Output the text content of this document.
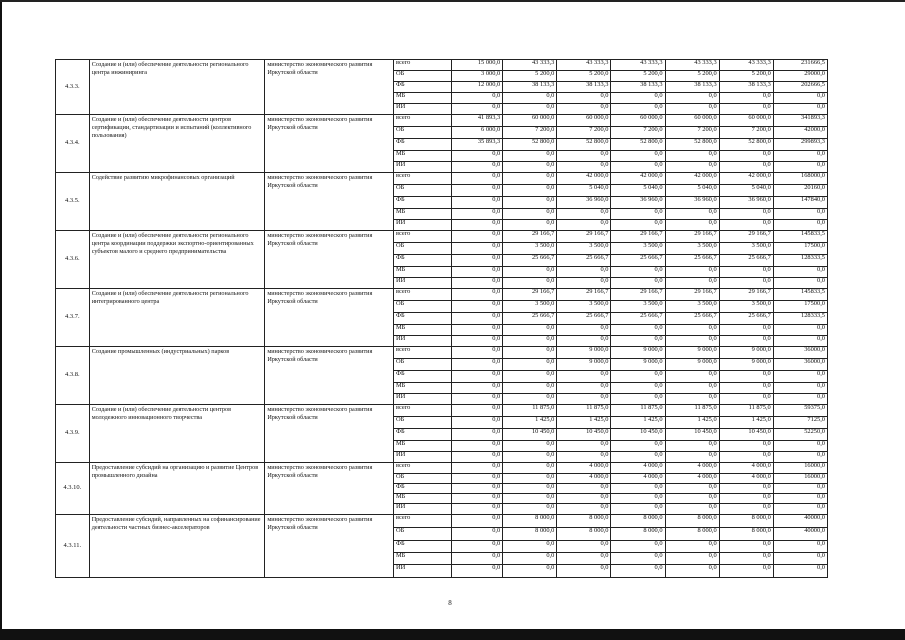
4.3.3.	Создание и (или) обеспечение деятельности регионального центра инжиниринга	министерство экономического развития Иркутской области	всего	15 000,0	43 333,3	43 333,3	43 333,3	43 333,3	43 333,3	231666,5
			ОБ	3 000,0	5 200,0	5 200,0	5 200,0	5 200,0	5 200,0	29000,0
			ФБ	12 000,0	38 133,3	38 133,3	38 133,3	38 133,3	38 133,3	202666,5
			МБ	0,0	0,0	0,0	0,0	0,0	0,0	0,0
			ИИ	0,0	0,0	0,0	0,0	0,0	0,0	0,0
4.3.4.	Создание и (или) обеспечение деятельности центров сертификации, стандартизации и испытаний (коллективного пользования)	министерство экономического развития Иркутской области	всего	41 893,3	60 000,0	60 000,0	60 000,0	60 000,0	60 000,0	341893,3
			ОБ	6 000,0	7 200,0	7 200,0	7 200,0	7 200,0	7 200,0	42000,0
			ФБ	35 893,3	52 800,0	52 800,0	52 800,0	52 800,0	52 800,0	299893,3
			МБ	0,0	0,0	0,0	0,0	0,0	0,0	0,0
			ИИ	0,0	0,0	0,0	0,0	0,0	0,0	0,0
4.3.5.	Содействие развитию микрофинансовых организаций	министерство экономического развития Иркутской области	всего	0,0	0,0	42 000,0	42 000,0	42 000,0	42 000,0	168000,0
			ОБ	0,0	0,0	5 040,0	5 040,0	5 040,0	5 040,0	20160,0
			ФБ	0,0	0,0	36 960,0	36 960,0	36 960,0	36 960,0	147840,0
			МБ	0,0	0,0	0,0	0,0	0,0	0,0	0,0
			ИИ	0,0	0,0	0,0	0,0	0,0	0,0	0,0
4.3.6.	Создание и (или) обеспечение деятельности регионального центра координации поддержки экспортно-ориентированных субъектов малого и среднего предпринимательства	министерство экономического развития Иркутской области	всего	0,0	29 166,7	29 166,7	29 166,7	29 166,7	29 166,7	145833,5
			ОБ	0,0	3 500,0	3 500,0	3 500,0	3 500,0	3 500,0	17500,0
			ФБ	0,0	25 666,7	25 666,7	25 666,7	25 666,7	25 666,7	128333,5
			МБ	0,0	0,0	0,0	0,0	0,0	0,0	0,0
			ИИ	0,0	0,0	0,0	0,0	0,0	0,0	0,0
4.3.7.	Создание и (или) обеспечение деятельности регионального интегрированного центра	министерство экономического развития Иркутской области	всего	0,0	29 166,7	29 166,7	29 166,7	29 166,7	29 166,7	145833,5
			ОБ	0,0	3 500,0	3 500,0	3 500,0	3 500,0	3 500,0	17500,0
			ФБ	0,0	25 666,7	25 666,7	25 666,7	25 666,7	25 666,7	128333,5
			МБ	0,0	0,0	0,0	0,0	0,0	0,0	0,0
			ИИ	0,0	0,0	0,0	0,0	0,0	0,0	0,0
4.3.8.	Создание промышленных (индустриальных) парков	министерство экономического развития Иркутской области	всего	0,0	0,0	9 000,0	9 000,0	9 000,0	9 000,0	36000,0
			ОБ	0,0	0,0	9 000,0	9 000,0	9 000,0	9 000,0	36000,0
			ФБ	0,0	0,0	0,0	0,0	0,0	0,0	0,0
			МБ	0,0	0,0	0,0	0,0	0,0	0,0	0,0
			ИИ	0,0	0,0	0,0	0,0	0,0	0,0	0,0
4.3.9.	Создание и (или) обеспечение деятельности центров молодежного инновационного творчества	министерство экономического развития Иркутской области	всего	0,0	11 875,0	11 875,0	11 875,0	11 875,0	11 875,0	59375,0
			ОБ	0,0	1 425,0	1 425,0	1 425,0	1 425,0	1 425,0	7125,0
			ФБ	0,0	10 450,0	10 450,0	10 450,0	10 450,0	10 450,0	52250,0
			МБ	0,0	0,0	0,0	0,0	0,0	0,0	0,0
			ИИ	0,0	0,0	0,0	0,0	0,0	0,0	0,0
4.3.10.	Предоставление субсидий на организацию и развитие Центров промышленного дизайна	министерство экономического развития Иркутской области	всего	0,0	0,0	4 000,0	4 000,0	4 000,0	4 000,0	16000,0
			ОБ	0,0	0,0	4 000,0	4 000,0	4 000,0	4 000,0	16000,0
			ФБ	0,0	0,0	0,0	0,0	0,0	0,0	0,0
			МБ	0,0	0,0	0,0	0,0	0,0	0,0	0,0
			ИИ	0,0	0,0	0,0	0,0	0,0	0,0	0,0
4.3.11.	Предоставление субсидий, направленных на софинансирование деятельности частных бизнес-акселераторов	министерство экономического развития Иркутской области	всего	0,0	8 000,0	8 000,0	8 000,0	8 000,0	8 000,0	40000,0
			ОБ	0,0	8 000,0	8 000,0	8 000,0	8 000,0	8 000,0	40000,0
			ФБ	0,0	0,0	0,0	0,0	0,0	0,0	0,0
			МБ	0,0	0,0	0,0	0,0	0,0	0,0	0,0
			ИИ	0,0	0,0	0,0	0,0	0,0	0,0	0,0
8
